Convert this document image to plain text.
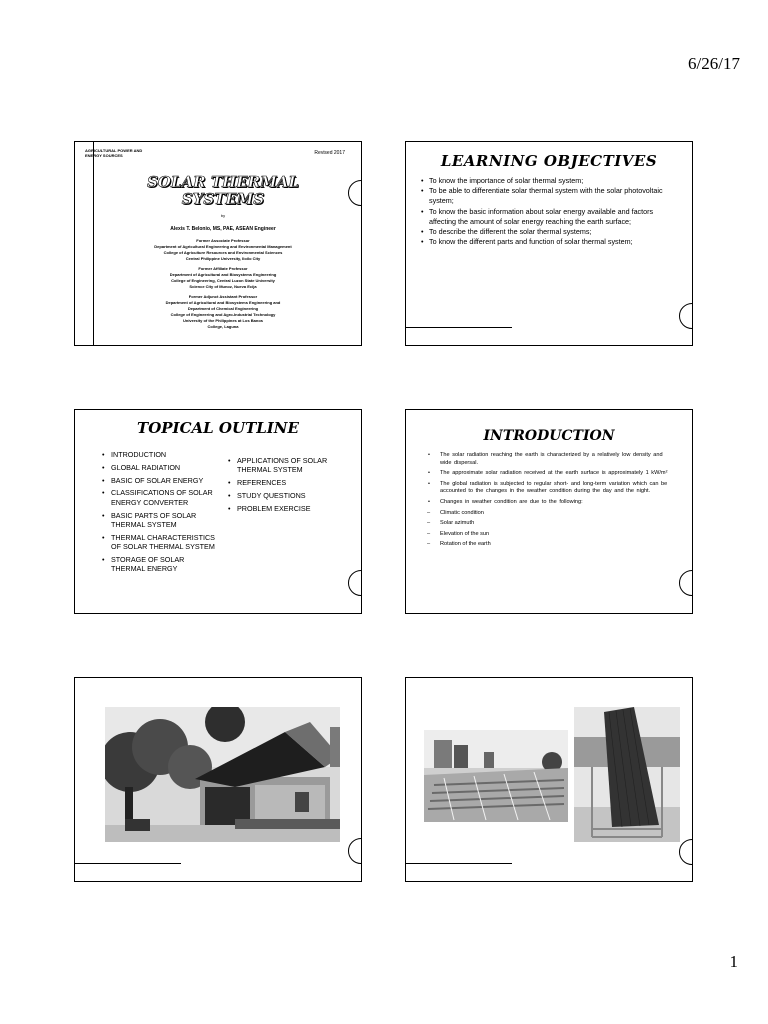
6/26/17
AGRICULTURAL POWER AND ENERGY SOURCES	Revised 2017
SOLAR THERMAL
SYSTEMS
by
Alexis T. Belonio, MS, PAE, ASEAN Engineer
Former Associate Professor
Department of Agricultural Engineering and Environmental Management
College of Agriculture Resources and Environmental Sciences
Central Philippine University, Iloilo City
Former Affiliate Professor
Department of Agricultural and Biosystems Engineering
College of Engineering, Central Luzon State University
Science City of Munoz, Nueva Ecija
Former Adjunct Assistant Professor
Department of Agricultural and Biosystems Engineering and
Department of Chemical Engineering
College of Engineering and Agro-Industrial Technology
University of the Philippines at Los Banos
College, Laguna
LEARNING OBJECTIVES
• To know the importance of solar thermal system;
• To be able to differentiate solar thermal system with the solar photovoltaic system;
• To know the basic information about solar energy available and factors affecting the amount of solar energy reaching the earth surface;
• To describe the different the solar thermal systems;
• To know the different parts and function of solar thermal system;
TOPICAL OUTLINE
• INTRODUCTION
• GLOBAL RADIATION
• BASIC OF SOLAR ENERGY
• CLASSIFICATIONS OF SOLAR ENERGY CONVERTER
• BASIC PARTS OF SOLAR THERMAL SYSTEM
• THERMAL CHARACTERISTICS OF SOLAR THERMAL SYSTEM
• STORAGE OF SOLAR THERMAL ENERGY
• APPLICATIONS OF SOLAR THERMAL SYSTEM
• REFERENCES
• STUDY QUESTIONS
• PROBLEM EXERCISE
INTRODUCTION
• The solar radiation reaching the earth is characterized by a relatively low density and wide dispersal.
• The approximate solar radiation received at the earth surface is approximately 1 kW/m²
• The global radiation is subjected to regular short- and long-term variation which can be accounted to the changes in the weather condition during the day and the night.
• Changes in weather condition are due to the following:
– Climatic condition
– Solar azimuth
– Elevation of the sun
– Rotation of the earth
1
